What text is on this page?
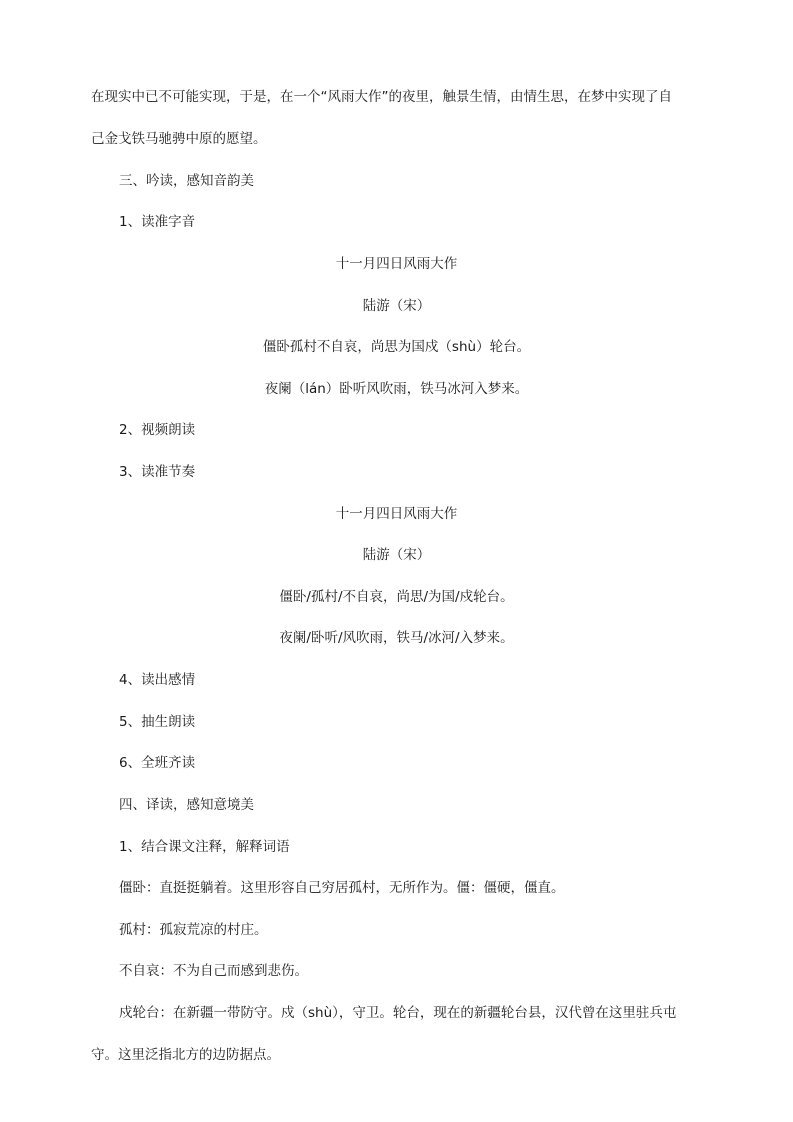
在现实中已不可能实现，于是，在一个“风雨大作”的夜里，触景生情，由情生思，在梦中实现了自
己金戈铁马驰骋中原的愿望。
三、吟读，感知音韵美
1、读准字音
十一月四日风雨大作
陆游（宋）
僵卧孤村不自哀，尚思为国戍（shù）轮台。
夜阑（lán）卧听风吹雨，铁马冰河入梦来。
2、视频朗读
3、读准节奏
十一月四日风雨大作
陆游（宋）
僵卧/孤村/不自哀，尚思/为国/戍轮台。
夜阑/卧听/风吹雨，铁马/冰河/入梦来。
4、读出感情
5、抽生朗读
6、全班齐读
四、译读，感知意境美
1、结合课文注释，解释词语
僵卧：直挺挺躺着。这里形容自己穷居孤村，无所作为。僵：僵硬，僵直。
孤村：孤寂荒凉的村庄。
不自哀：不为自己而感到悲伤。
戍轮台：在新疆一带防守。戍（shù），守卫。轮台，现在的新疆轮台县，汉代曾在这里驻兵屯
守。这里泛指北方的边防据点。
